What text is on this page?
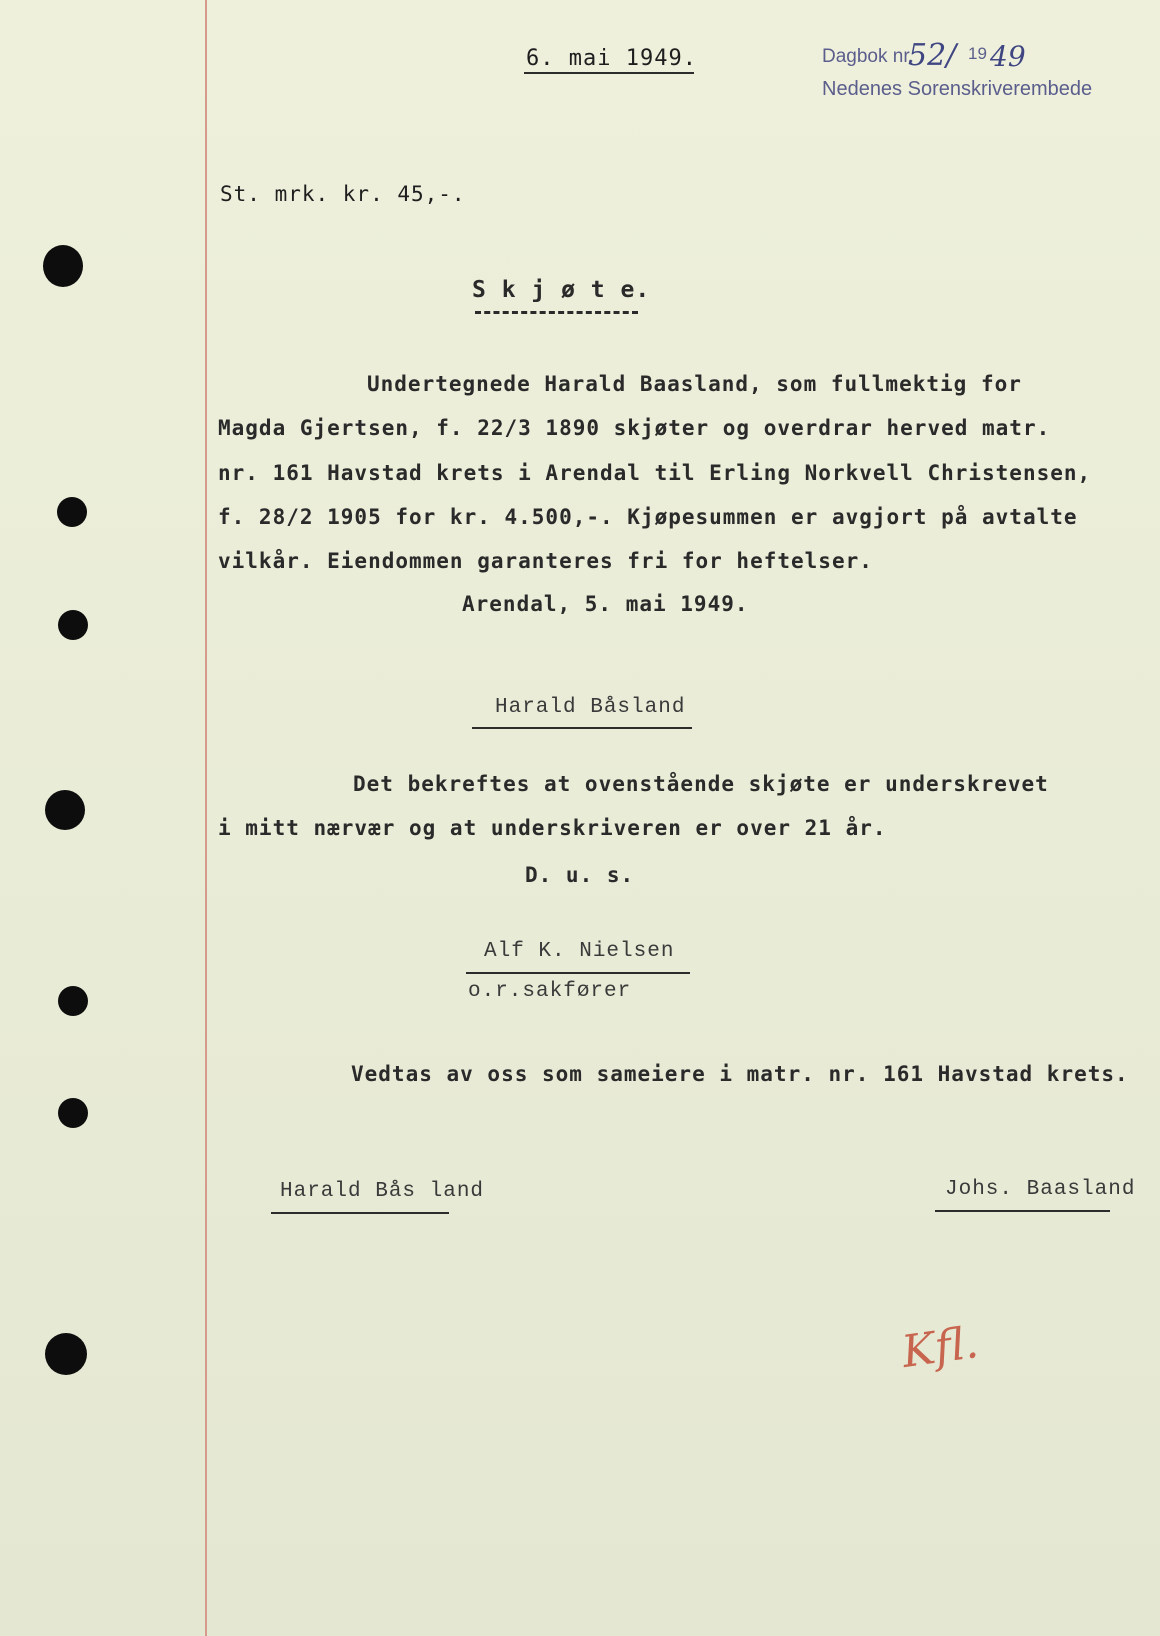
6. mai 1949.	Dagbok nr.
52/ 19 49
Nedenes Sorenskriverembede
St. mrk. kr. 45,-.
S k j ø t e.
Undertegnede Harald Baasland, som fullmektig for
Magda Gjertsen, f. 22/3 1890 skjøter og overdrar herved matr.
nr. 161 Havstad krets i Arendal til Erling Norkvell Christensen,
f. 28/2 1905 for kr. 4.500,-. Kjøpesummen er avgjort på avtalte
vilkår. Eiendommen garanteres fri for heftelser.
Arendal, 5. mai 1949.
Harald Båsland
Det bekreftes at ovenstående skjøte er underskrevet
i mitt nærvær og at underskriveren er over 21 år.
D. u. s.
Alf K. Nielsen
o.r.sakfører
Vedtas av oss som sameiere i matr. nr. 161 Havstad krets.
Harald Bås land	Johs. Baasland
Kfl.
